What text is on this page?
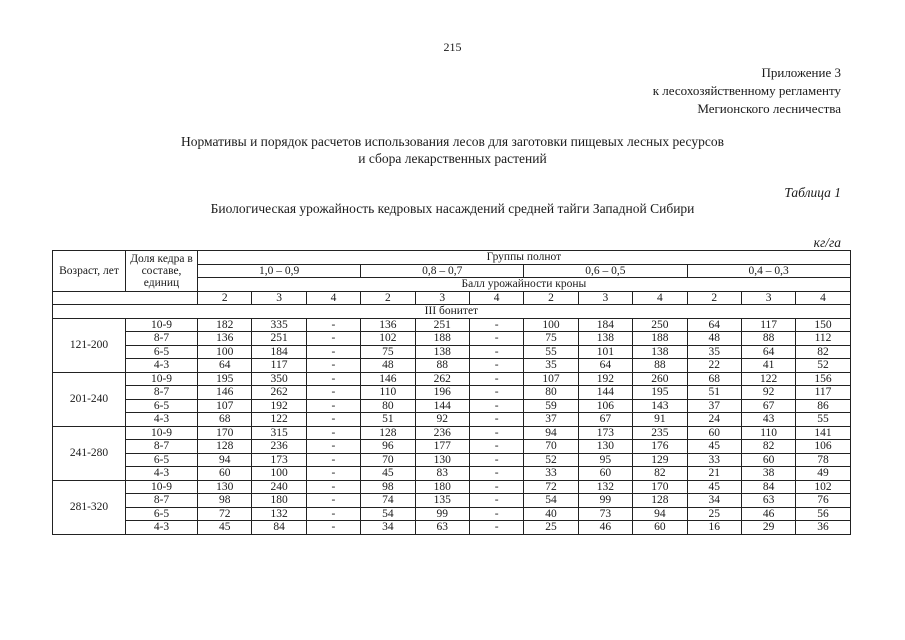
215
Приложение 3
к лесохозяйственному регламенту
Мегионского лесничества
Нормативы и порядок расчетов использования лесов для заготовки пищевых лесных ресурсов
и сбора лекарственных растений
Таблица 1
Биологическая урожайность кедровых насаждений средней тайги Западной Сибири
кг/га
Возраст, лет	Доля кедра в составе, единиц	Группы полнот											
		1,0 – 0,9			0,8 – 0,7			0,6 – 0,5			0,4 – 0,3		
		Балл урожайности кроны											
		2	3	4	2	3	4	2	3	4	2	3	4
III бонитет													
121-200	10-9	182	335	-	136	251	-	100	184	250	64	117	150
	8-7	136	251	-	102	188	-	75	138	188	48	88	112
	6-5	100	184	-	75	138	-	55	101	138	35	64	82
	4-3	64	117	-	48	88	-	35	64	88	22	41	52
201-240	10-9	195	350	-	146	262	-	107	192	260	68	122	156
	8-7	146	262	-	110	196	-	80	144	195	51	92	117
	6-5	107	192	-	80	144	-	59	106	143	37	67	86
	4-3	68	122	-	51	92	-	37	67	91	24	43	55
241-280	10-9	170	315	-	128	236	-	94	173	235	60	110	141
	8-7	128	236	-	96	177	-	70	130	176	45	82	106
	6-5	94	173	-	70	130	-	52	95	129	33	60	78
	4-3	60	100	-	45	83	-	33	60	82	21	38	49
281-320	10-9	130	240	-	98	180	-	72	132	170	45	84	102
	8-7	98	180	-	74	135	-	54	99	128	34	63	76
	6-5	72	132	-	54	99	-	40	73	94	25	46	56
	4-3	45	84	-	34	63	-	25	46	60	16	29	36
